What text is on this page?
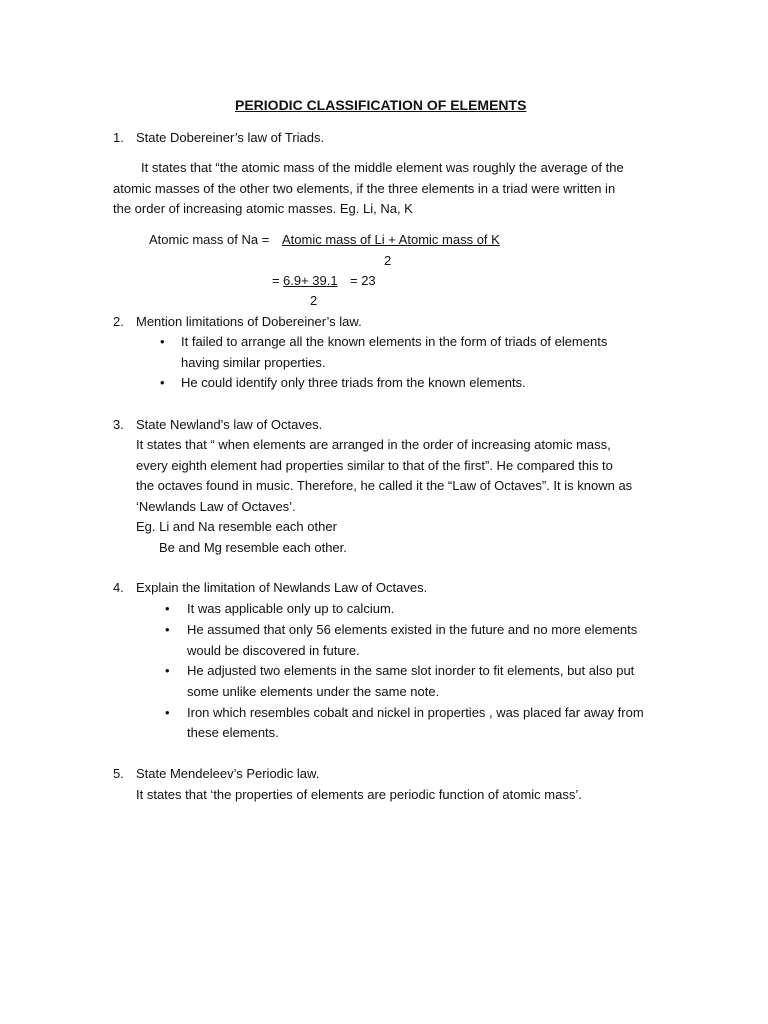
PERIODIC CLASSIFICATION OF ELEMENTS
1. State Dobereiner’s law of Triads.
It states that “the atomic mass of the middle element was roughly the average of the
atomic masses of the other two elements, if the three elements in a triad were written in
the order of increasing atomic masses. Eg. Li, Na, K
Atomic mass of Na = Atomic mass of Li + Atomic mass of K
2
= 6.9+ 39.1 = 23
2
2. Mention limitations of Dobereiner’s law.
• It failed to arrange all the known elements in the form of triads of elements
having similar properties.
• He could identify only three triads from the known elements.
3. State Newland’s law of Octaves.
It states that “ when elements are arranged in the order of increasing atomic mass,
every eighth element had properties similar to that of the first”. He compared this to
the octaves found in music. Therefore, he called it the “Law of Octaves”. It is known as
‘Newlands Law of Octaves’.
Eg. Li and Na resemble each other
Be and Mg resemble each other.
4. Explain the limitation of Newlands Law of Octaves.
• It was applicable only up to calcium.
• He assumed that only 56 elements existed in the future and no more elements
would be discovered in future.
• He adjusted two elements in the same slot inorder to fit elements, but also put
some unlike elements under the same note.
• Iron which resembles cobalt and nickel in properties , was placed far away from
these elements.
5. State Mendeleev’s Periodic law.
It states that ‘the properties of elements are periodic function of atomic mass’.
